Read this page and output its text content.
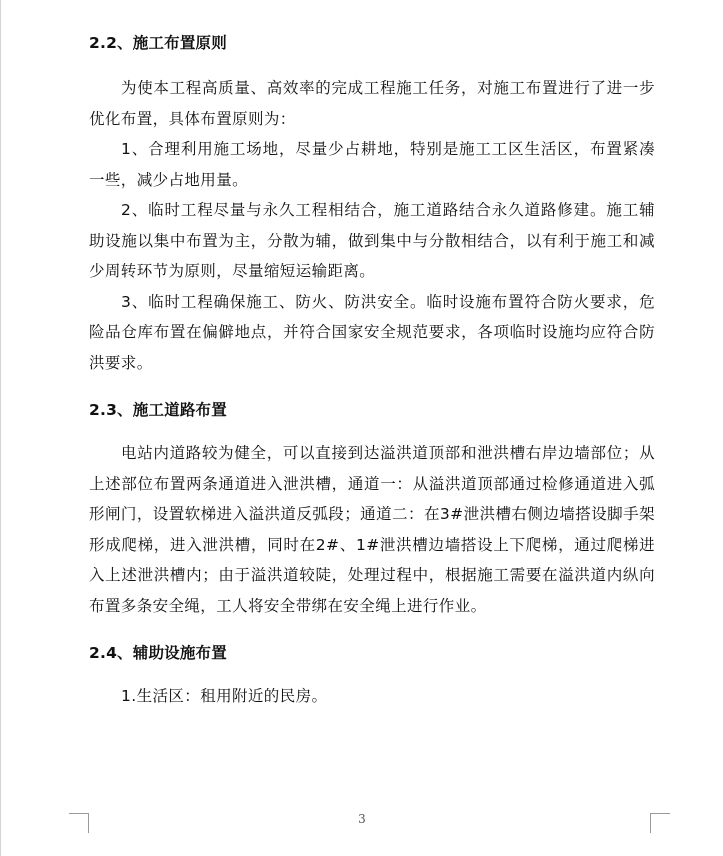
2.2、施工布置原则

为使本工程高质量、高效率的完成工程施工任务，对施工布置进行了进一步优化布置，具体布置原则为：

1、合理利用施工场地，尽量少占耕地，特别是施工工区生活区，布置紧凑一些，减少占地用量。

2、临时工程尽量与永久工程相结合，施工道路结合永久道路修建。施工辅助设施以集中布置为主，分散为辅，做到集中与分散相结合，以有利于施工和减少周转环节为原则，尽量缩短运输距离。

3、临时工程确保施工、防火、防洪安全。临时设施布置符合防火要求，危险品仓库布置在偏僻地点，并符合国家安全规范要求，各项临时设施均应符合防洪要求。

2.3、施工道路布置

电站内道路较为健全，可以直接到达溢洪道顶部和泄洪槽右岸边墙部位；从上述部位布置两条通道进入泄洪槽，通道一：从溢洪道顶部通过检修通道进入弧形闸门，设置软梯进入溢洪道反弧段；通道二：在3#泄洪槽右侧边墙搭设脚手架形成爬梯，进入泄洪槽，同时在2#、1#泄洪槽边墙搭设上下爬梯，通过爬梯进入上述泄洪槽内；由于溢洪道较陡，处理过程中，根据施工需要在溢洪道内纵向布置多条安全绳，工人将安全带绑在安全绳上进行作业。

2.4、辅助设施布置

1.生活区：租用附近的民房。

3
